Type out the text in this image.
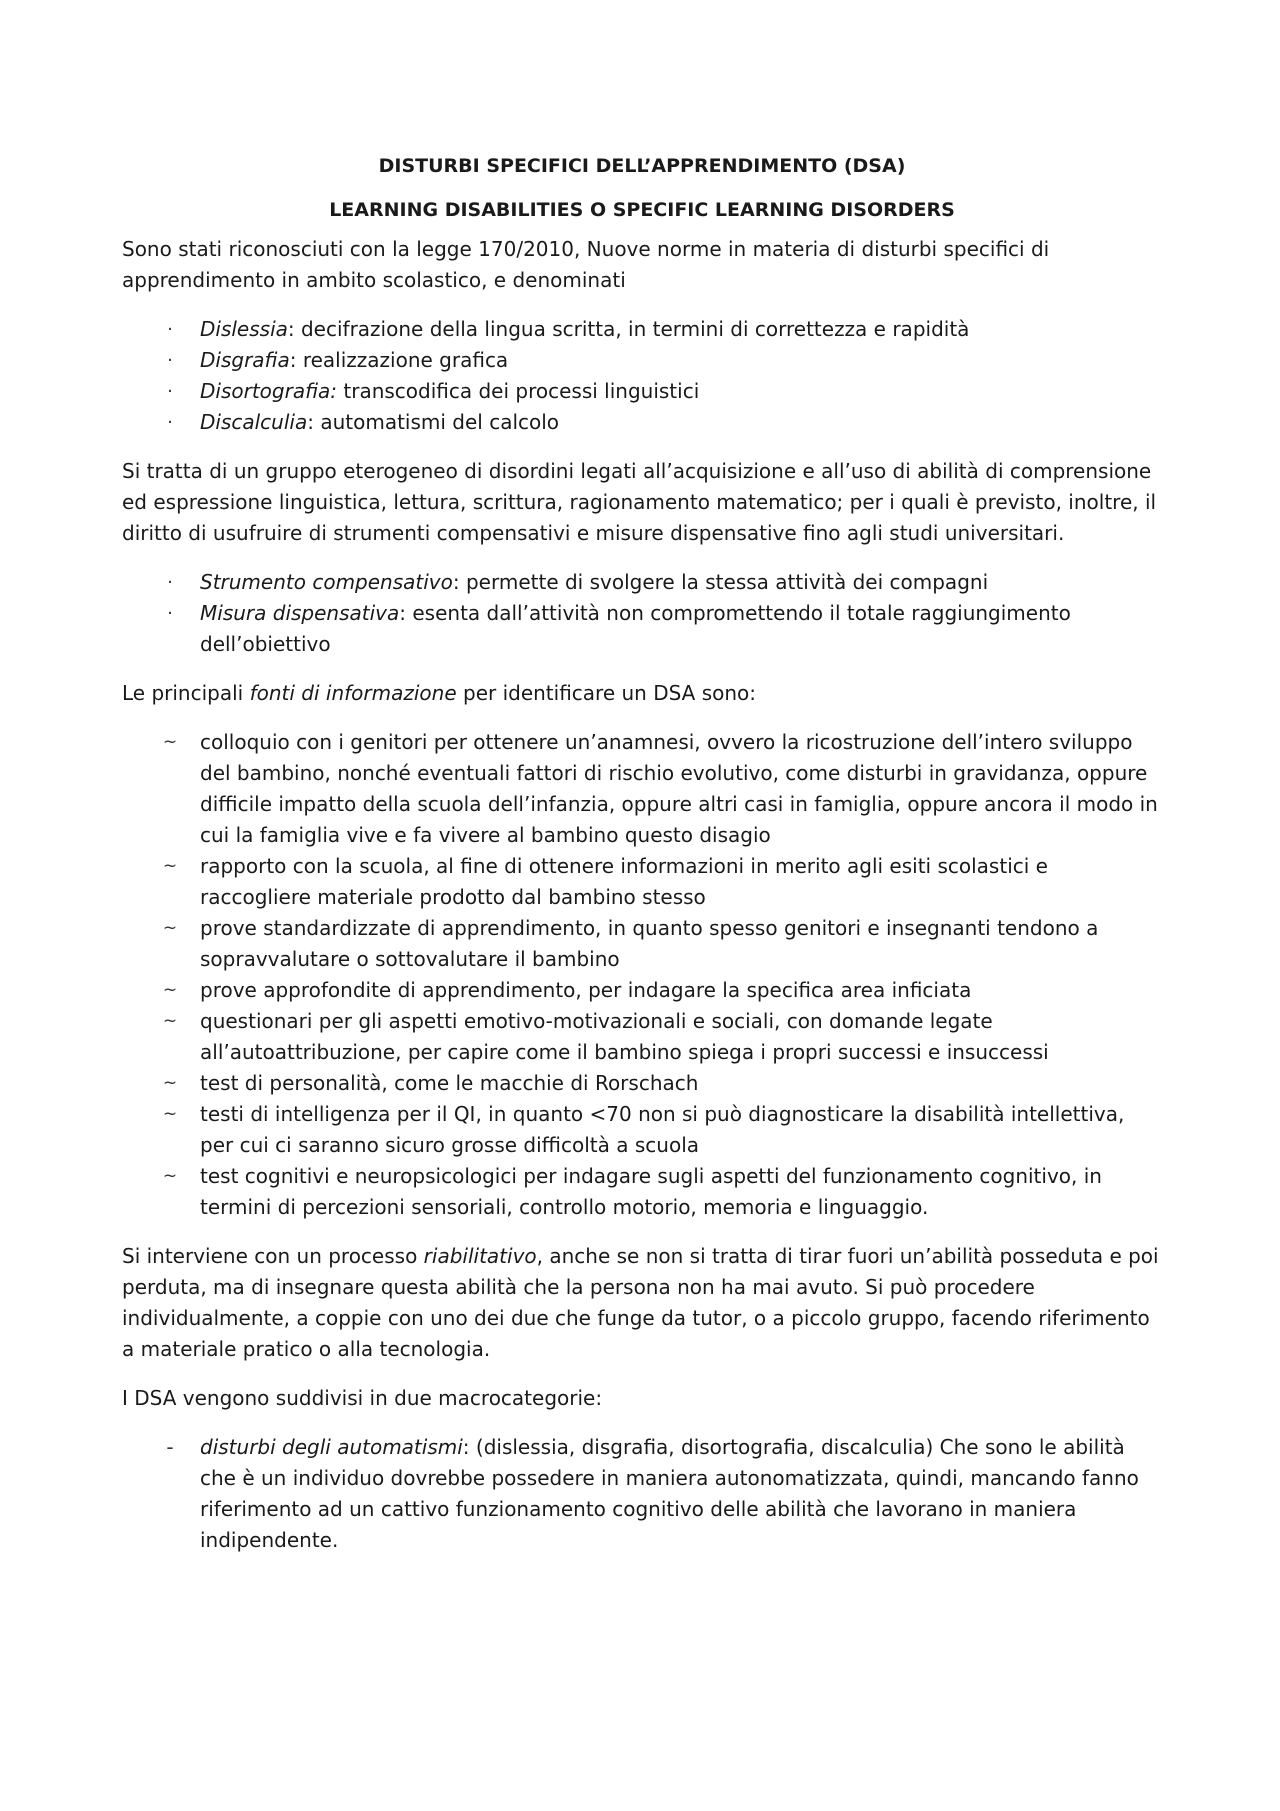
DISTURBI SPECIFICI DELL’APPRENDIMENTO (DSA)

LEARNING DISABILITIES O SPECIFIC LEARNING DISORDERS

Sono stati riconosciuti con la legge 170/2010, Nuove norme in materia di disturbi specifici di apprendimento in ambito scolastico, e denominati

·	Dislessia: decifrazione della lingua scritta, in termini di correttezza e rapidità
·	Disgrafia: realizzazione grafica
·	Disortografia: transcodifica dei processi linguistici
·	Discalculia: automatismi del calcolo

Si tratta di un gruppo eterogeneo di disordini legati all’acquisizione e all’uso di abilità di comprensione ed espressione linguistica, lettura, scrittura, ragionamento matematico; per i quali è previsto, inoltre, il diritto di usufruire di strumenti compensativi e misure dispensative fino agli studi universitari.

·	Strumento compensativo: permette di svolgere la stessa attività dei compagni
·	Misura dispensativa: esenta dall’attività non compromettendo il totale raggiungimento dell’obiettivo

Le principali fonti di informazione per identificare un DSA sono:

~ colloquio con i genitori per ottenere un’anamnesi, ovvero la ricostruzione dell’intero sviluppo del bambino, nonché eventuali fattori di rischio evolutivo, come disturbi in gravidanza, oppure difficile impatto della scuola dell’infanzia, oppure altri casi in famiglia, oppure ancora il modo in cui la famiglia vive e fa vivere al bambino questo disagio
~ rapporto con la scuola, al fine di ottenere informazioni in merito agli esiti scolastici e raccogliere materiale prodotto dal bambino stesso
~ prove standardizzate di apprendimento, in quanto spesso genitori e insegnanti tendono a sopravvalutare o sottovalutare il bambino
~ prove approfondite di apprendimento, per indagare la specifica area inficiata
~ questionari per gli aspetti emotivo-motivazionali e sociali, con domande legate all’autoattribuzione, per capire come il bambino spiega i propri successi e insuccessi
~ test di personalità, come le macchie di Rorschach
~ testi di intelligenza per il QI, in quanto <70 non si può diagnosticare la disabilità intellettiva, per cui ci saranno sicuro grosse difficoltà a scuola
~ test cognitivi e neuropsicologici per indagare sugli aspetti del funzionamento cognitivo, in termini di percezioni sensoriali, controllo motorio, memoria e linguaggio.

Si interviene con un processo riabilitativo, anche se non si tratta di tirar fuori un’abilità posseduta e poi perduta, ma di insegnare questa abilità che la persona non ha mai avuto. Si può procedere individualmente, a coppie con uno dei due che funge da tutor, o a piccolo gruppo, facendo riferimento a materiale pratico o alla tecnologia.

I DSA vengono suddivisi in due macrocategorie:

-	disturbi degli automatismi: (dislessia, disgrafia, disortografia, discalculia) Che sono le abilità che è un individuo dovrebbe possedere in maniera autonomatizzata, quindi, mancando fanno riferimento ad un cattivo funzionamento cognitivo delle abilità che lavorano in maniera indipendente.
